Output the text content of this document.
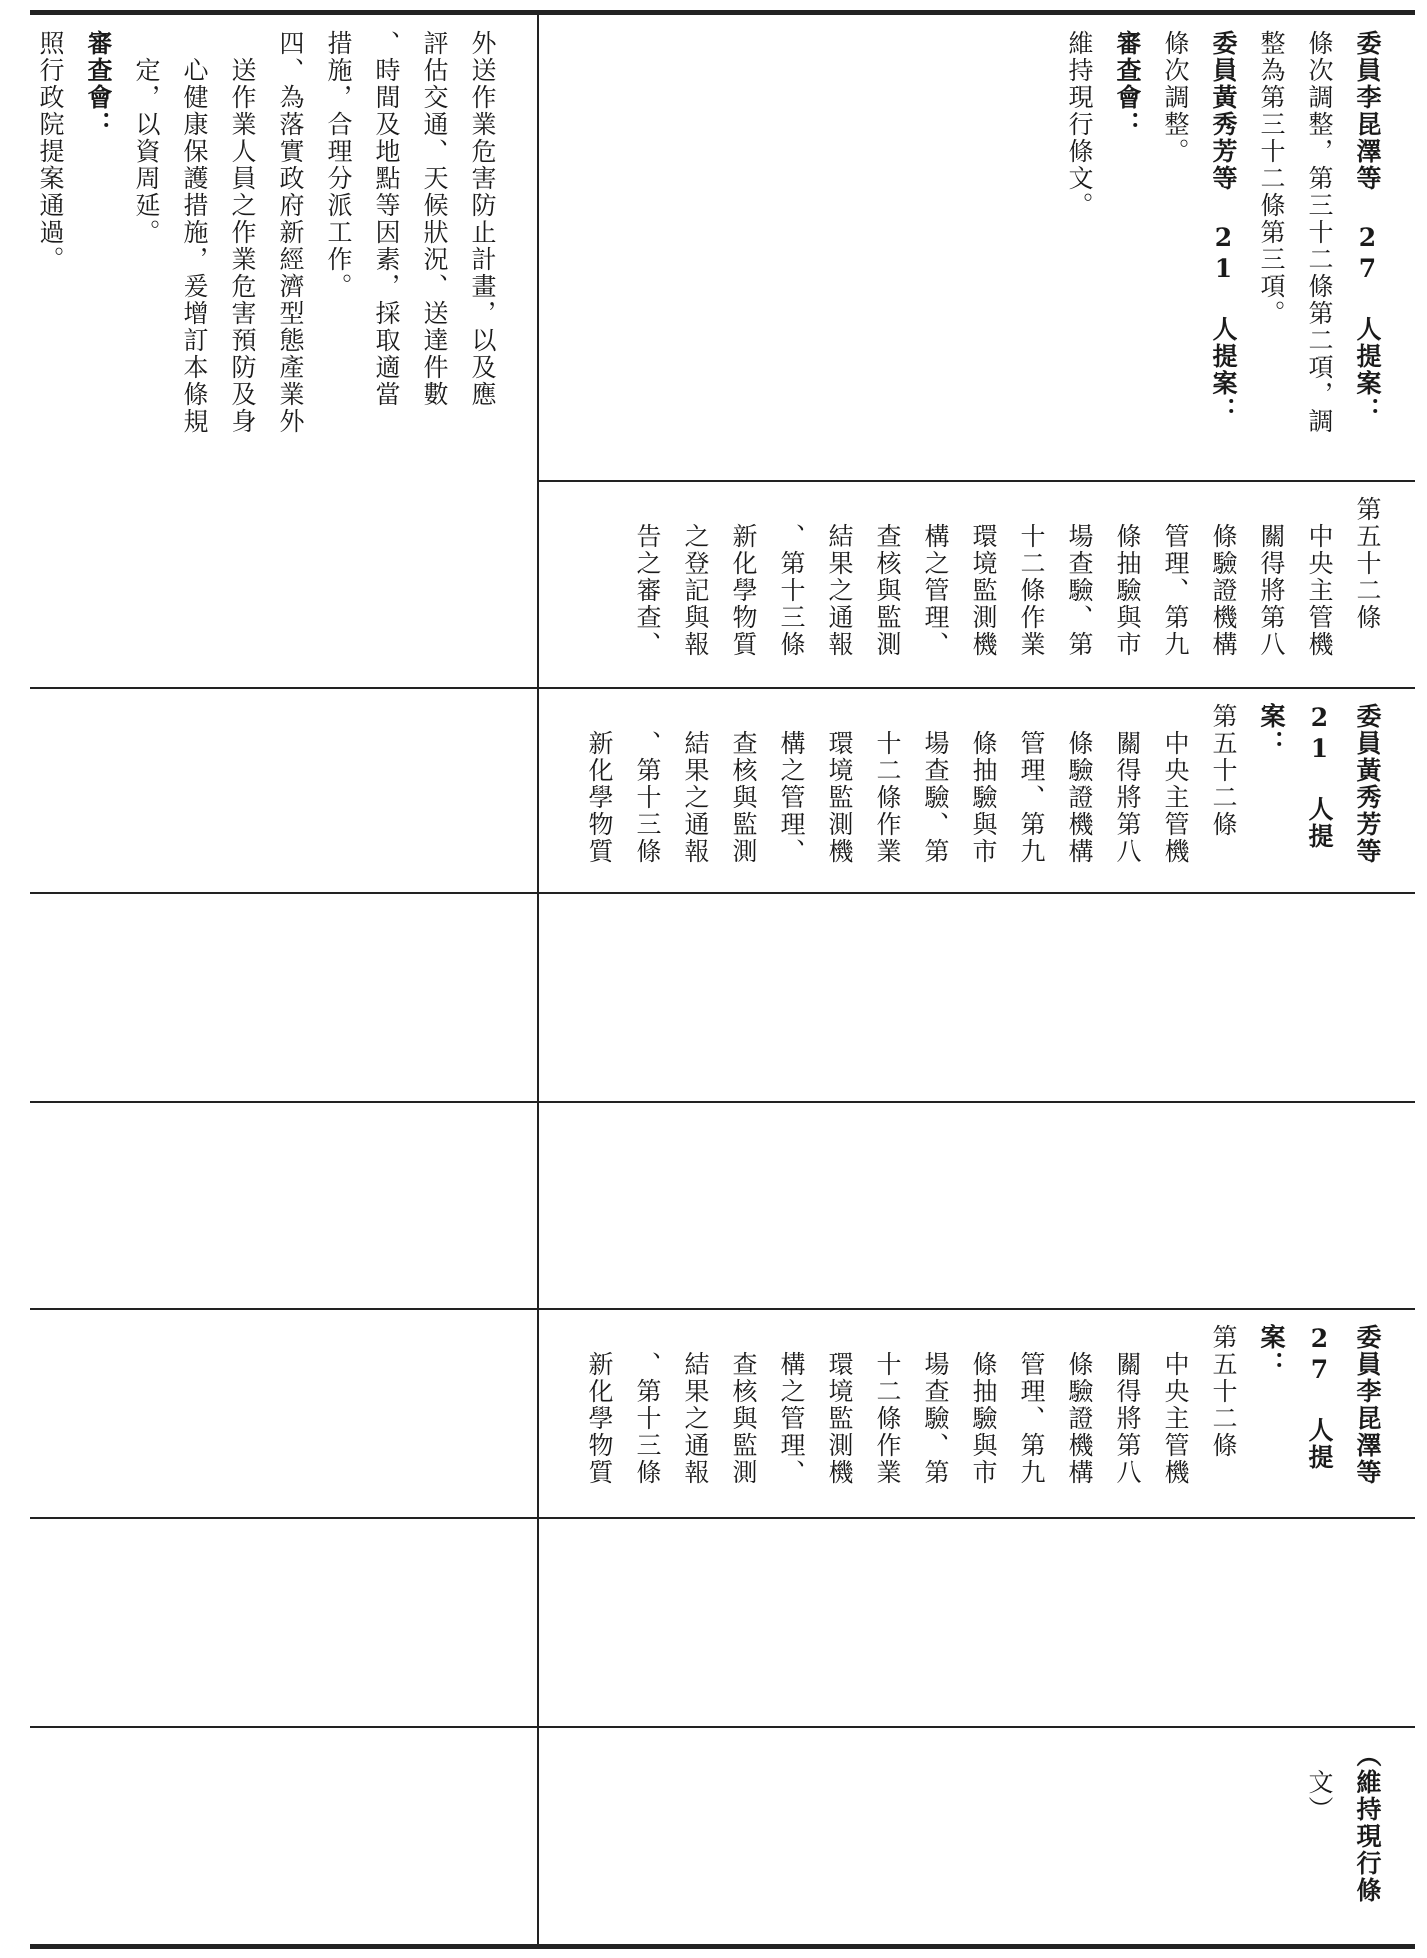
外送作業危害防止計畫，以及應

評估交通、天候狀況、送達件數

、時間及地點等因素，採取適當

措施，合理分派工作。

四、為落實政府新經濟型態產業外

送作業人員之作業危害預防及身

心健康保護措施，爰增訂本條規

定，以資周延。

審查會：

照行政院提案通過。	委員李昆澤等 27 人提案：

條次調整，第三十二條第二項，調

整為第三十二條第三項。

委員黃秀芳等 21 人提案：

條次調整。

審查會：

維持現行條文。

第五十二條

中央主管機

關得將第八

條驗證機構

管理、第九

條抽驗與市

場查驗、第

十二條作業

環境監測機

構之管理、

查核與監測

結果之通報

、第十三條

新化學物質

之登記與報

告之審查、

委員黃秀芳等

21 人提案：

第五十二條

中央主管機

關得將第八

條驗證機構

管理、第九

條抽驗與市

場查驗、第

十二條作業

環境監測機

構之管理、

查核與監測

結果之通報

、第十三條

新化學物質

委員李昆澤等

27 人提案：

第五十二條

中央主管機

關得將第八

條驗證機構

管理、第九

條抽驗與市

場查驗、第

十二條作業

環境監測機

構之管理、

查核與監測

結果之通報

、第十三條

新化學物質

（維持現行條

文）
